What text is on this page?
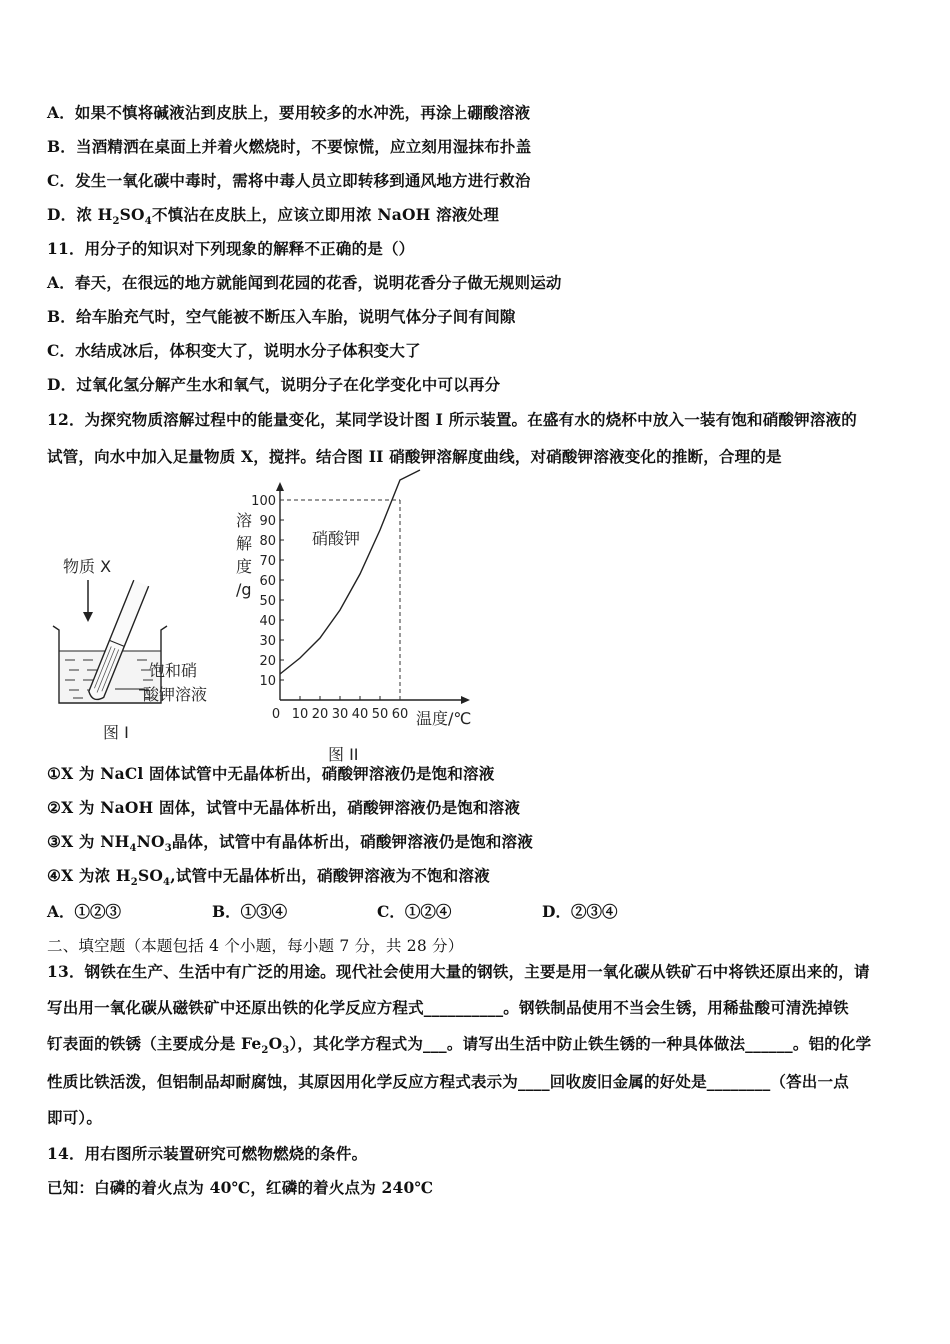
A．如果不慎将碱液沾到皮肤上，要用较多的水冲洗，再涂上硼酸溶液
B．当酒精洒在桌面上并着火燃烧时，不要惊慌，应立刻用湿抹布扑盖
C．发生一氧化碳中毒时，需将中毒人员立即转移到通风地方进行救治
D．浓 $H_2SO_4$不慎沾在皮肤上，应该立即用浓 NaOH 溶液处理
11．用分子的知识对下列现象的解释不正确的是（）
A．春天，在很远的地方就能闻到花园的花香，说明花香分子做无规则运动
B．给车胎充气时，空气能被不断压入车胎，说明气体分子间有间隙
C．水结成冰后，体积变大了，说明水分子体积变大了
D．过氧化氢分解产生水和氧气，说明分子在化学变化中可以再分
12．为探究物质溶解过程中的能量变化，某同学设计图 I 所示装置。在盛有水的烧杯中放入一装有饱和硝酸钾溶液的
试管，向水中加入足量物质 X，搅拌。结合图 II 硝酸钾溶解度曲线，对硝酸钾溶液变化的推断，合理的是
物质 X
饱和硝
酸钾溶液
图 I
溶
解
度
/g
10
20
30
40
50
60
70
80
90
100
0 10 20 30 40 50 60
硝酸钾
温度/℃
图 II
①X 为 NaCl 固体试管中无晶体析出，硝酸钾溶液仍是饱和溶液
②X 为 NaOH 固体，试管中无晶体析出，硝酸钾溶液仍是饱和溶液
③X 为 $NH_4NO_3$晶体，试管中有晶体析出，硝酸钾溶液仍是饱和溶液
④X 为浓 $H_2SO_4$,试管中无晶体析出，硝酸钾溶液为不饱和溶液
A．①②③	B．①③④	C．①②④	D．②③④
二、填空题（本题包括 4 个小题，每小题 7 分，共 28 分）
13．钢铁在生产、生活中有广泛的用途。现代社会使用大量的钢铁，主要是用一氧化碳从铁矿石中将铁还原出来的，请
写出用一氧化碳从磁铁矿中还原出铁的化学反应方程式__________。钢铁制品使用不当会生锈，用稀盐酸可清洗掉铁
钉表面的铁锈（主要成分是 $Fe_2O_3$），其化学方程式为___。请写出生活中防止铁生锈的一种具体做法______。铝的化学
性质比铁活泼，但铝制品却耐腐蚀，其原因用化学反应方程式表示为____回收废旧金属的好处是________（答出一点
即可）。
14．用右图所示装置研究可燃物燃烧的条件。
已知：白磷的着火点为 40℃，红磷的着火点为 240℃
